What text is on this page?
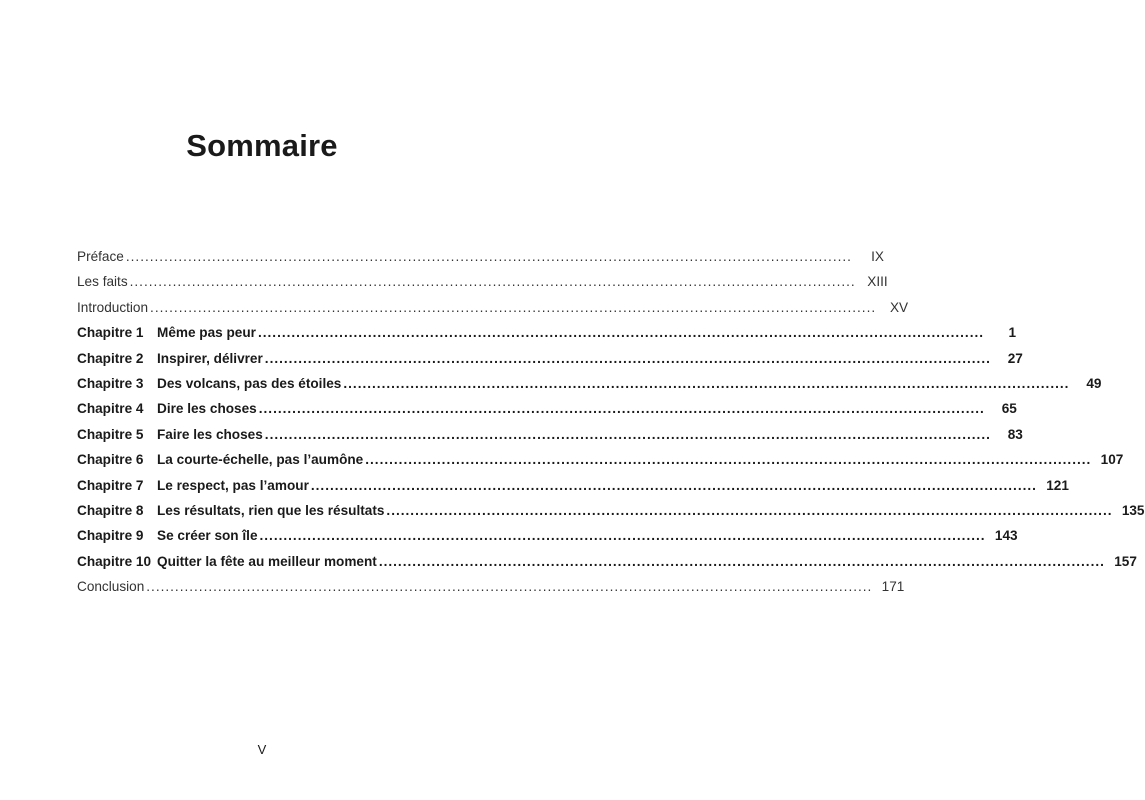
Sommaire
Préface ........................................................................................................................................................	IX
Les faits ........................................................................................................................................................ XIII
Introduction ........................................................................................................................................................	XV
Chapitre 1 Même pas peur ........................................................................................................................................................	1
Chapitre 2 Inspirer, délivrer ........................................................................................................................................................	27
Chapitre 3 Des volcans, pas des étoiles ........................................................................................................................................................	49
Chapitre 4 Dire les choses ........................................................................................................................................................	65
Chapitre 5 Faire les choses ........................................................................................................................................................	83
Chapitre 6 La courte-échelle, pas l’aumône ........................................................................................................................................................ 107
Chapitre 7 Le respect, pas l’amour ........................................................................................................................................................ 121
Chapitre 8 Les résultats, rien que les résultats ........................................................................................................................................................ 135
Chapitre 9 Se créer son île ........................................................................................................................................................ 143
Chapitre 10 Quitter la fête au meilleur moment ........................................................................................................................................................ 157
Conclusion ........................................................................................................................................................ 171
V
